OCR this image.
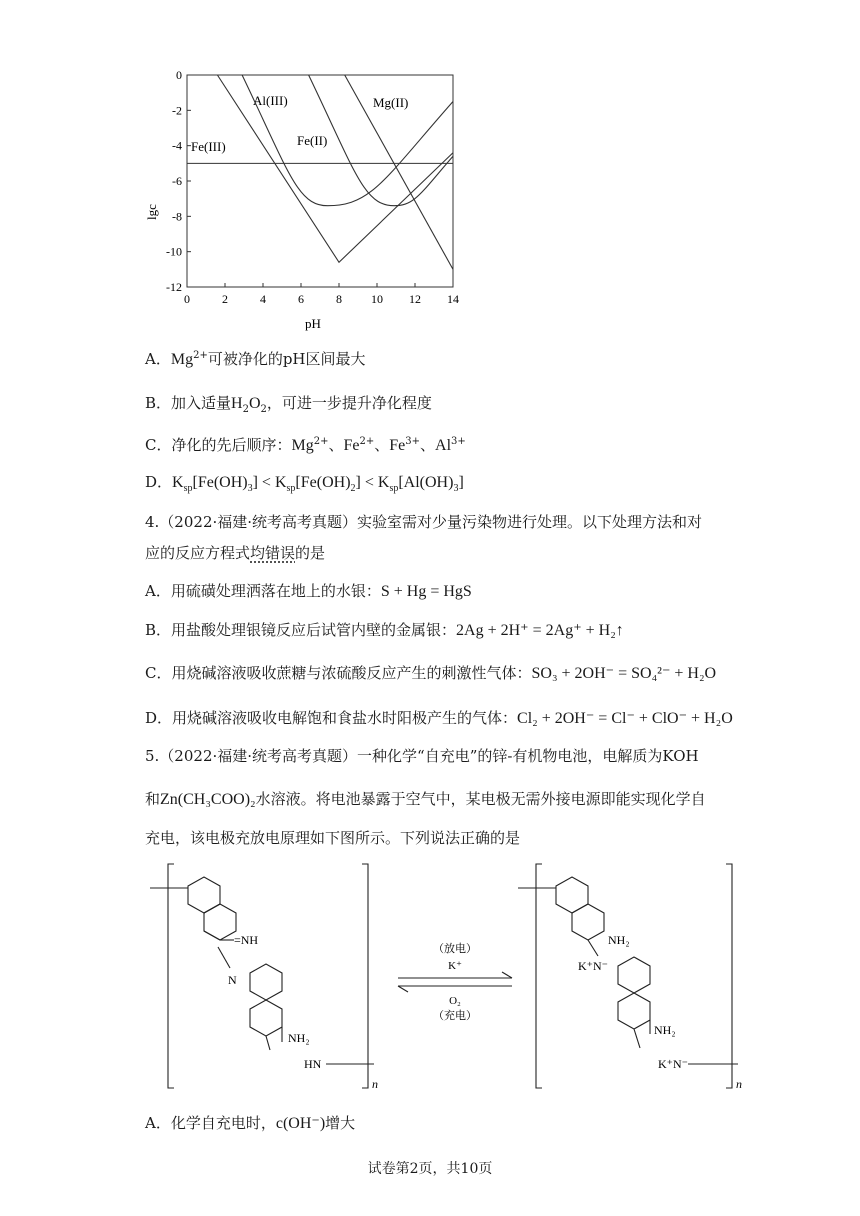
0	2	4	6	8 10 12 14
0
-2
-4
-6
-8
-10
-12
lgc
pH
Al(III)	Mg(II)
Fe(II)
Fe(III)
A．$Mg^{2+}$可被净化的pH区间最大
B．加入适量$H_2O_2$，可进一步提升净化程度
C．净化的先后顺序：$Mg^{2+}$、$Fe^{2+}$、$Fe^{3+}$、$Al^{3+}$
D．$K_{sp}[Fe(OH)_3] < K_{sp}[Fe(OH)_2] < K_{sp}[Al(OH)_3]$
4.（2022·福建·统考高考真题）实验室需对少量污染物进行处理。以下处理方法和对
应的反应方程式均错误的是
A．用硫磺处理洒落在地上的水银：S + Hg = HgS
B．用盐酸处理银镜反应后试管内壁的金属银：2Ag + 2H⁺ = 2Ag⁺ + H₂↑
C．用烧碱溶液吸收蔗糖与浓硫酸反应产生的刺激性气体：SO₃ + 2OH⁻ = SO₄²⁻ + H₂O
D．用烧碱溶液吸收电解饱和食盐水时阳极产生的气体：Cl₂ + 2OH⁻ = Cl⁻ + ClO⁻ + H₂O
5.（2022·福建·统考高考真题）一种化学“自充电”的锌-有机物电池，电解质为KOH
和Zn(CH₃COO)₂水溶液。将电池暴露于空气中，某电极无需外接电源即能实现化学自
充电，该电极充放电原理如下图所示。下列说法正确的是
=NH
N
NH₂
HN
n
NH₂
K⁺N⁻
NH₂
K⁺N⁻
n
（放电）
K⁺
O₂
（充电）
A．化学自充电时，c(OH⁻)增大
试卷第2页，共10页
